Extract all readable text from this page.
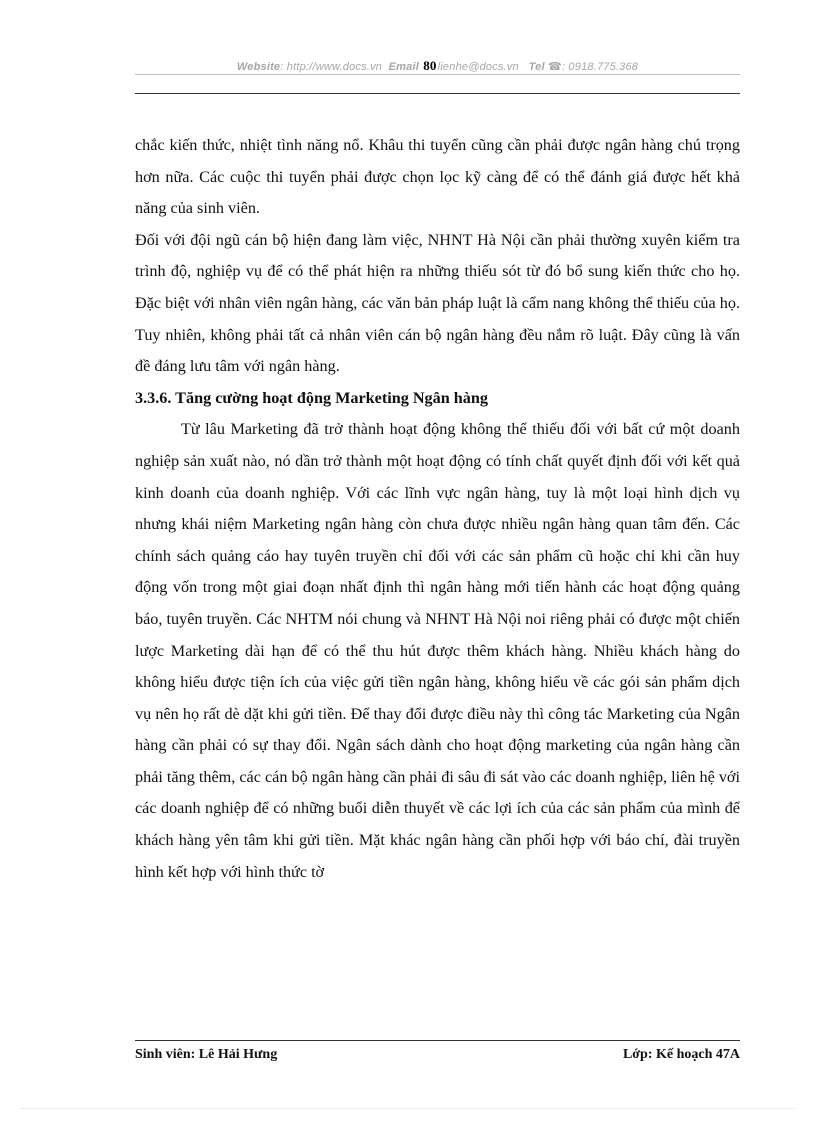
Website: http://www.docs.vn Email 80lienhe@docs.vn Tel ☎: 0918.775.368

chắc kiến thức, nhiệt tình năng nổ. Khâu thi tuyển cũng cần phải được ngân hàng chú trọng hơn nữa. Các cuộc thi tuyển phải được chọn lọc kỹ càng để có thể đánh giá được hết khả năng của sinh viên.

Đối với đội ngũ cán bộ hiện đang làm việc, NHNT Hà Nội cần phải thường xuyên kiểm tra trình độ, nghiệp vụ để có thể phát hiện ra những thiếu sót từ đó bổ sung kiến thức cho họ. Đặc biệt với nhân viên ngân hàng, các văn bản pháp luật là cẩm nang không thể thiếu của họ. Tuy nhiên, không phải tất cả nhân viên cán bộ ngân hàng đều nắm rõ luật. Đây cũng là vấn đề đáng lưu tâm với ngân hàng.

3.3.6. Tăng cường hoạt động Marketing Ngân hàng

Từ lâu Marketing đã trở thành hoạt động không thể thiếu đối với bất cứ một doanh nghiệp sản xuất nào, nó dần trở thành một hoạt động có tính chất quyết định đối với kết quả kinh doanh của doanh nghiệp. Với các lĩnh vực ngân hàng, tuy là một loại hình dịch vụ nhưng khái niệm Marketing ngân hàng còn chưa được nhiều ngân hàng quan tâm đến. Các chính sách quảng cáo hay tuyên truyền chỉ đối với các sản phẩm cũ hoặc chỉ khi cần huy động vốn trong một giai đoạn nhất định thì ngân hàng mới tiến hành các hoạt động quảng báo, tuyên truyền. Các NHTM nói chung và NHNT Hà Nội noi riêng phải có được một chiến lược Marketing dài hạn để có thể thu hút được thêm khách hàng. Nhiều khách hàng do không hiểu được tiện ích của việc gửi tiền ngân hàng, không hiểu về các gói sản phẩm dịch vụ nên họ rất dè dặt khi gửi tiền. Để thay đổi được điều này thì công tác Marketing của Ngân hàng cần phải có sự thay đổi. Ngân sách dành cho hoạt động marketing của ngân hàng cần phải tăng thêm, các cán bộ ngân hàng cần phải đi sâu đi sát vào các doanh nghiệp, liên hệ với các doanh nghiệp để có những buổi diễn thuyết về các lợi ích của các sản phẩm của mình để khách hàng yên tâm khi gửi tiền. Mặt khác ngân hàng cần phối hợp với báo chí, đài truyền hình kết hợp với hình thức tờ

Sinh viên: Lê Hải Hưng	Lớp: Kế hoạch 47A
